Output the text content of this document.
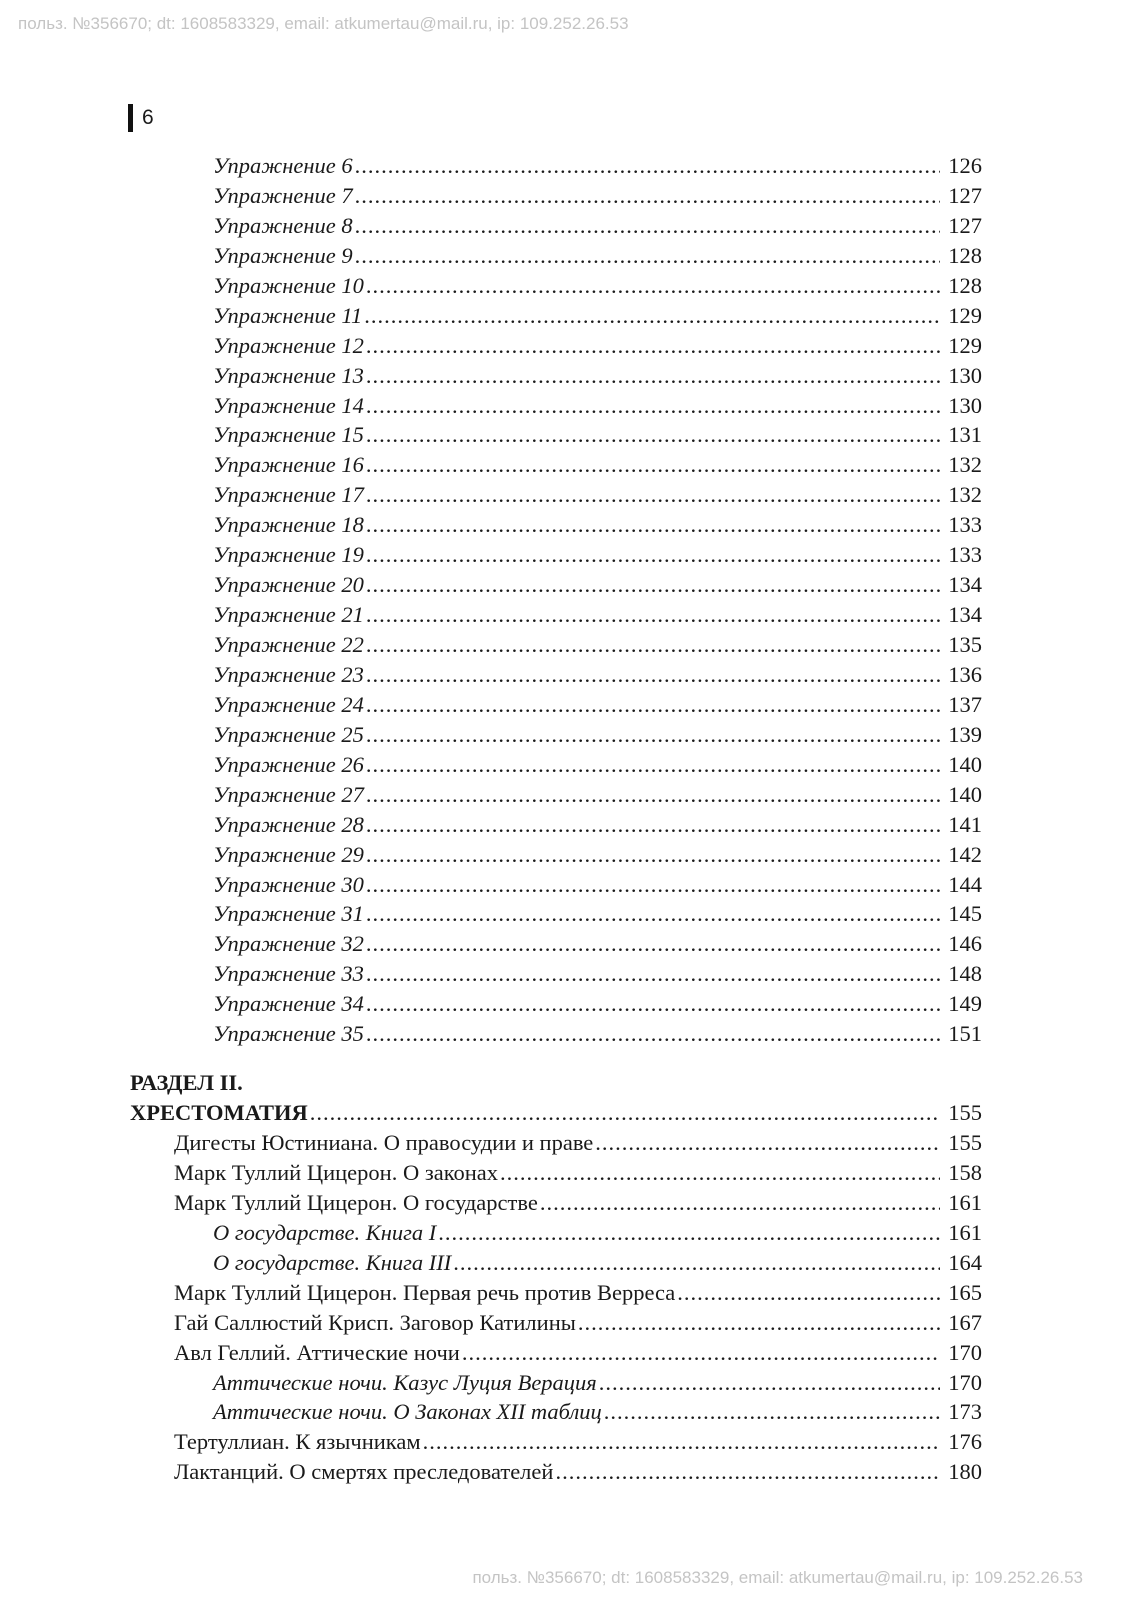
польз. №356670; dt: 1608583329, email: atkumertau@mail.ru, ip: 109.252.26.53
6
Упражнение 6 .....	126
Упражнение 7 .....	127
Упражнение 8 .....	127
Упражнение 9 .....	128
Упражнение 10 .....	128
Упражнение 11 .....	129
Упражнение 12 .....	129
Упражнение 13 .....	130
Упражнение 14 .....	130
Упражнение 15 .....	131
Упражнение 16 .....	132
Упражнение 17 .....	132
Упражнение 18 .....	133
Упражнение 19 .....	133
Упражнение 20 .....	134
Упражнение 21 .....	134
Упражнение 22 .....	135
Упражнение 23 .....	136
Упражнение 24 .....	137
Упражнение 25 .....	139
Упражнение 26 .....	140
Упражнение 27 .....	140
Упражнение 28 .....	141
Упражнение 29 .....	142
Упражнение 30 .....	144
Упражнение 31 .....	145
Упражнение 32 .....	146
Упражнение 33 .....	148
Упражнение 34 .....	149
Упражнение 35 .....	151
РАЗДЕЛ II.
ХРЕСТОМАТИЯ .....	155
Дигесты Юстиниана. О правосудии и праве .....	155
Марк Туллий Цицерон. О законах .....	158
Марк Туллий Цицерон. О государстве .....	161
О государстве. Книга I .....	161
О государстве. Книга III .....	164
Марк Туллий Цицерон. Первая речь против Верреса .....	165
Гай Саллюстий Крисп. Заговор Катилины .....	167
Авл Геллий. Аттические ночи .....	170
Аттические ночи. Казус Луция Верация .....	170
Аттические ночи. О Законах XII таблиц .....	173
Тертуллиан. К язычникам .....	176
Лактанций. О смертях преследователей .....	180
польз. №356670; dt: 1608583329, email: atkumertau@mail.ru, ip: 109.252.26.53
